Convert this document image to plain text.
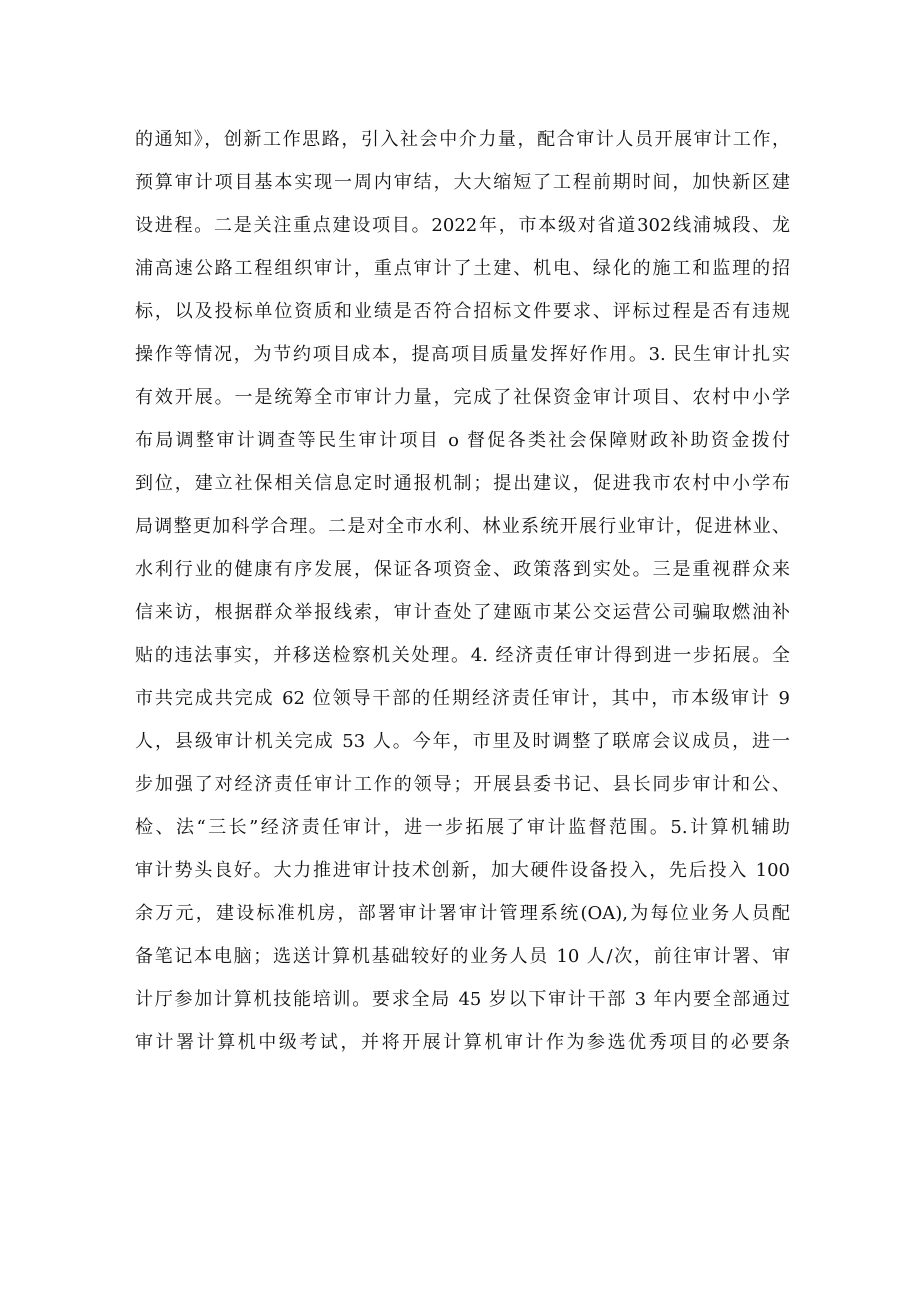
的通知》，创新工作思路，引入社会中介力量，配合审计人员开展审计工作，
预算审计项目基本实现一周内审结，大大缩短了工程前期时间，加快新区建
设进程。二是关注重点建设项目。2022年，市本级对省道302线浦城段、龙
浦高速公路工程组织审计，重点审计了土建、机电、绿化的施工和监理的招
标，以及投标单位资质和业绩是否符合招标文件要求、评标过程是否有违规
操作等情况，为节约项目成本，提高项目质量发挥好作用。3. 民生审计扎实
有效开展。一是统筹全市审计力量，完成了社保资金审计项目、农村中小学
布局调整审计调查等民生审计项目 o 督促各类社会保障财政补助资金拨付
到位，建立社保相关信息定时通报机制；提出建议，促进我市农村中小学布
局调整更加科学合理。二是对全市水利、林业系统开展行业审计，促进林业、
水利行业的健康有序发展，保证各项资金、政策落到实处。三是重视群众来
信来访，根据群众举报线索，审计查处了建瓯市某公交运营公司骗取燃油补
贴的违法事实，并移送检察机关处理。4. 经济责任审计得到进一步拓展。全
市共完成共完成 62 位领导干部的任期经济责任审计，其中，市本级审计 9
人，县级审计机关完成 53 人。今年，市里及时调整了联席会议成员，进一
步加强了对经济责任审计工作的领导；开展县委书记、县长同步审计和公、
检、法“三长”经济责任审计，进一步拓展了审计监督范围。5.计算机辅助
审计势头良好。大力推进审计技术创新，加大硬件设备投入，先后投入 100
余万元，建设标准机房，部署审计署审计管理系统(OA),为每位业务人员配
备笔记本电脑；选送计算机基础较好的业务人员 10 人/次，前往审计署、审
计厅参加计算机技能培训。要求全局 45 岁以下审计干部 3 年内要全部通过
审计署计算机中级考试，并将开展计算机审计作为参选优秀项目的必要条
